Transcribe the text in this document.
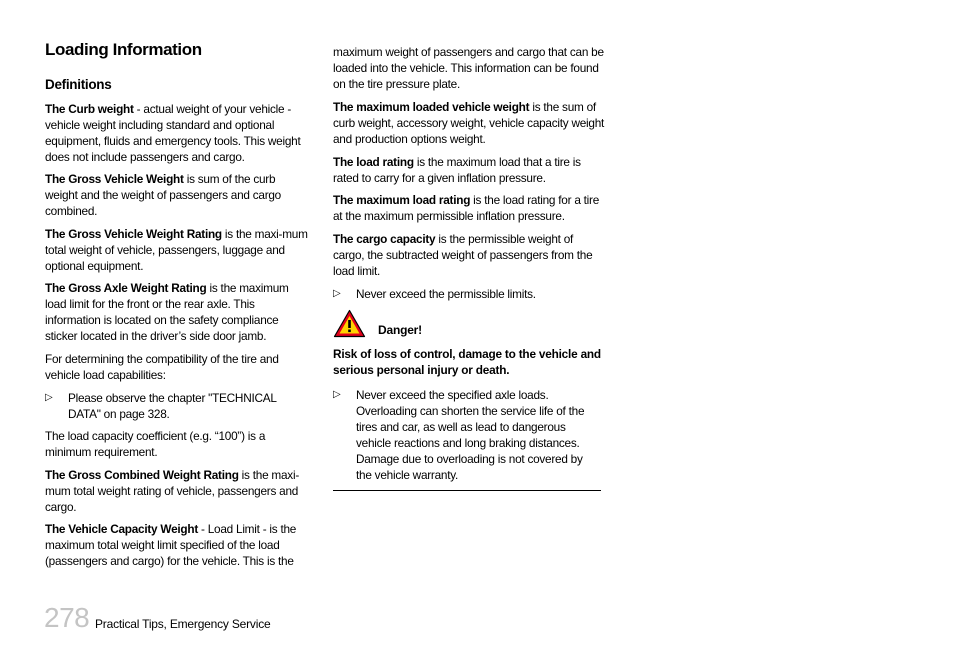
Loading Information
Definitions

The Curb weight - actual weight of your vehicle - vehicle weight including standard and optional equipment, fluids and emergency tools. This weight does not include passengers and cargo.

The Gross Vehicle Weight is sum of the curb weight and the weight of passengers and cargo combined.

The Gross Vehicle Weight Rating is the maxi-mum total weight of vehicle, passengers, luggage and optional equipment.

The Gross Axle Weight Rating is the maximum load limit for the front or the rear axle. This information is located on the safety compliance sticker located in the driver’s side door jamb.

For determining the compatibility of the tire and vehicle load capabilities:

▷ Please observe the chapter "TECHNICAL DATA" on page 328.

The load capacity coefficient (e.g. “100”) is a minimum requirement.

The Gross Combined Weight Rating is the maxi-mum total weight rating of vehicle, passengers and cargo.

The Vehicle Capacity Weight - Load Limit - is the maximum total weight limit specified of the load (passengers and cargo) for the vehicle. This is the

maximum weight of passengers and cargo that can be loaded into the vehicle. This information can be found on the tire pressure plate.

The maximum loaded vehicle weight is the sum of curb weight, accessory weight, vehicle capacity weight and production options weight.

The load rating is the maximum load that a tire is rated to carry for a given inflation pressure.

The maximum load rating is the load rating for a tire at the maximum permissible inflation pressure.

The cargo capacity is the permissible weight of cargo, the subtracted weight of passengers from the load limit.

▷ Never exceed the permissible limits.
Danger!

Risk of loss of control, damage to the vehicle and serious personal injury or death.

▷ Never exceed the specified axle loads. Overloading can shorten the service life of the tires and car, as well as lead to dangerous vehicle reactions and long braking distances. Damage due to overloading is not covered by the vehicle warranty.
278 Practical Tips, Emergency Service
